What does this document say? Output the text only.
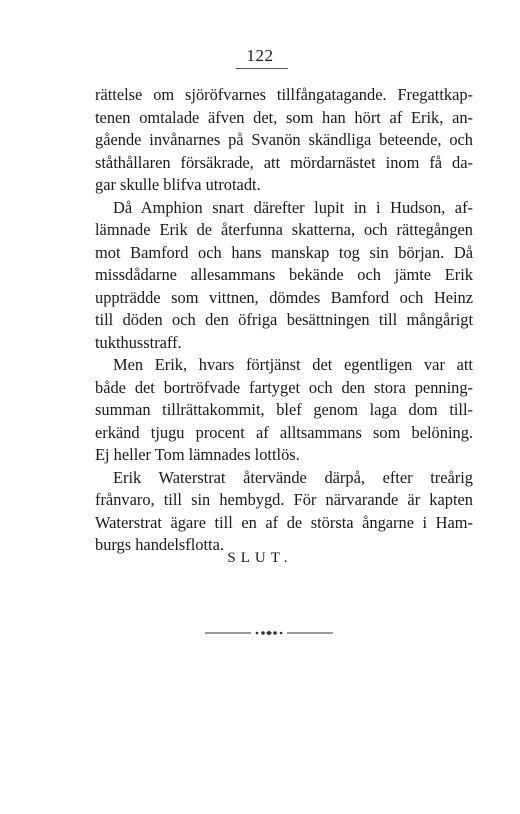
122
rättelse om sjöröfvarnes tillfångatagande. Fregattkap-
tenen omtalade äfven det, som han hört af Erik, an-
gående invånarnes på Svanön skändliga beteende, och
ståthållaren försäkrade, att mördarnästet inom få da-
gar skulle blifva utrotadt.
Då Amphion snart därefter lupit in i Hudson, af-
lämnade Erik de återfunna skatterna, och rättegången
mot Bamford och hans manskap tog sin början. Då
missdådarne allesammans bekände och jämte Erik
uppträdde som vittnen, dömdes Bamford och Heinz
till döden och den öfriga besättningen till mångårigt
tukthusstraff.
Men Erik, hvars förtjänst det egentligen var att
både det bortröfvade fartyget och den stora penning-
summan tillrättakommit, blef genom laga dom till-
erkänd tjugu procent af alltsammans som belöning.
Ej heller Tom lämnades lottlös.
Erik Waterstrat återvände därpå, efter treårig
frånvaro, till sin hembygd. För närvarande är kapten
Waterstrat ägare till en af de största ångarne i Ham-
burgs handelsflotta.
SLUT.
